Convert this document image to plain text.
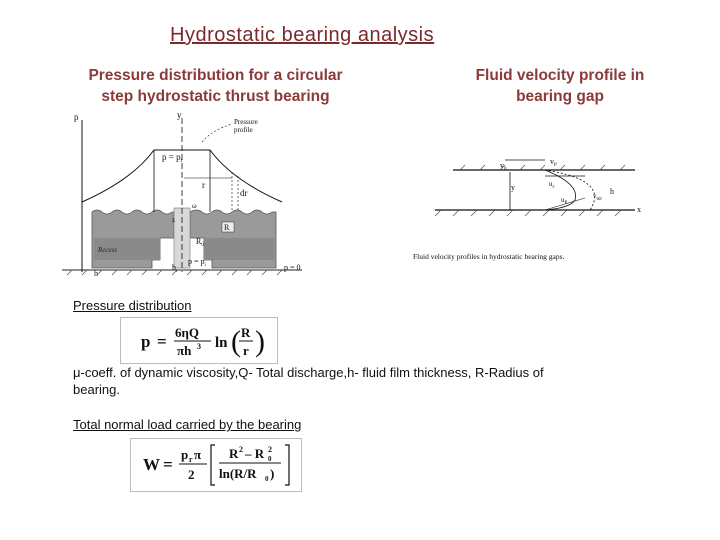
Hydrostatic bearing analysis
Pressure distribution for a circular
step hydrostatic thrust bearing
Fluid velocity profile in
bearing gap
p	y
Pressure
profile
$p = p_r$
r
dr
z
ω
R
$R_0$
Recess
h
$h_r$
$p = p_i$	p = 0
$v_0$
$v_P$
y	$u_c$
$u_P$
$v_{tot}$
h
x
Fluid velocity profiles in hydrostatic bearing gaps.
Pressure distribution
p = 6ηQ
πh 3 ln ( R
r )
μ-coeff. of dynamic viscosity,Q- Total discharge,h- fluid film thickness, R-Radius of bearing.
Total normal load carried by the bearing
W =
p r π
2
R 2 – R 2
0
ln(R/R 0 )
